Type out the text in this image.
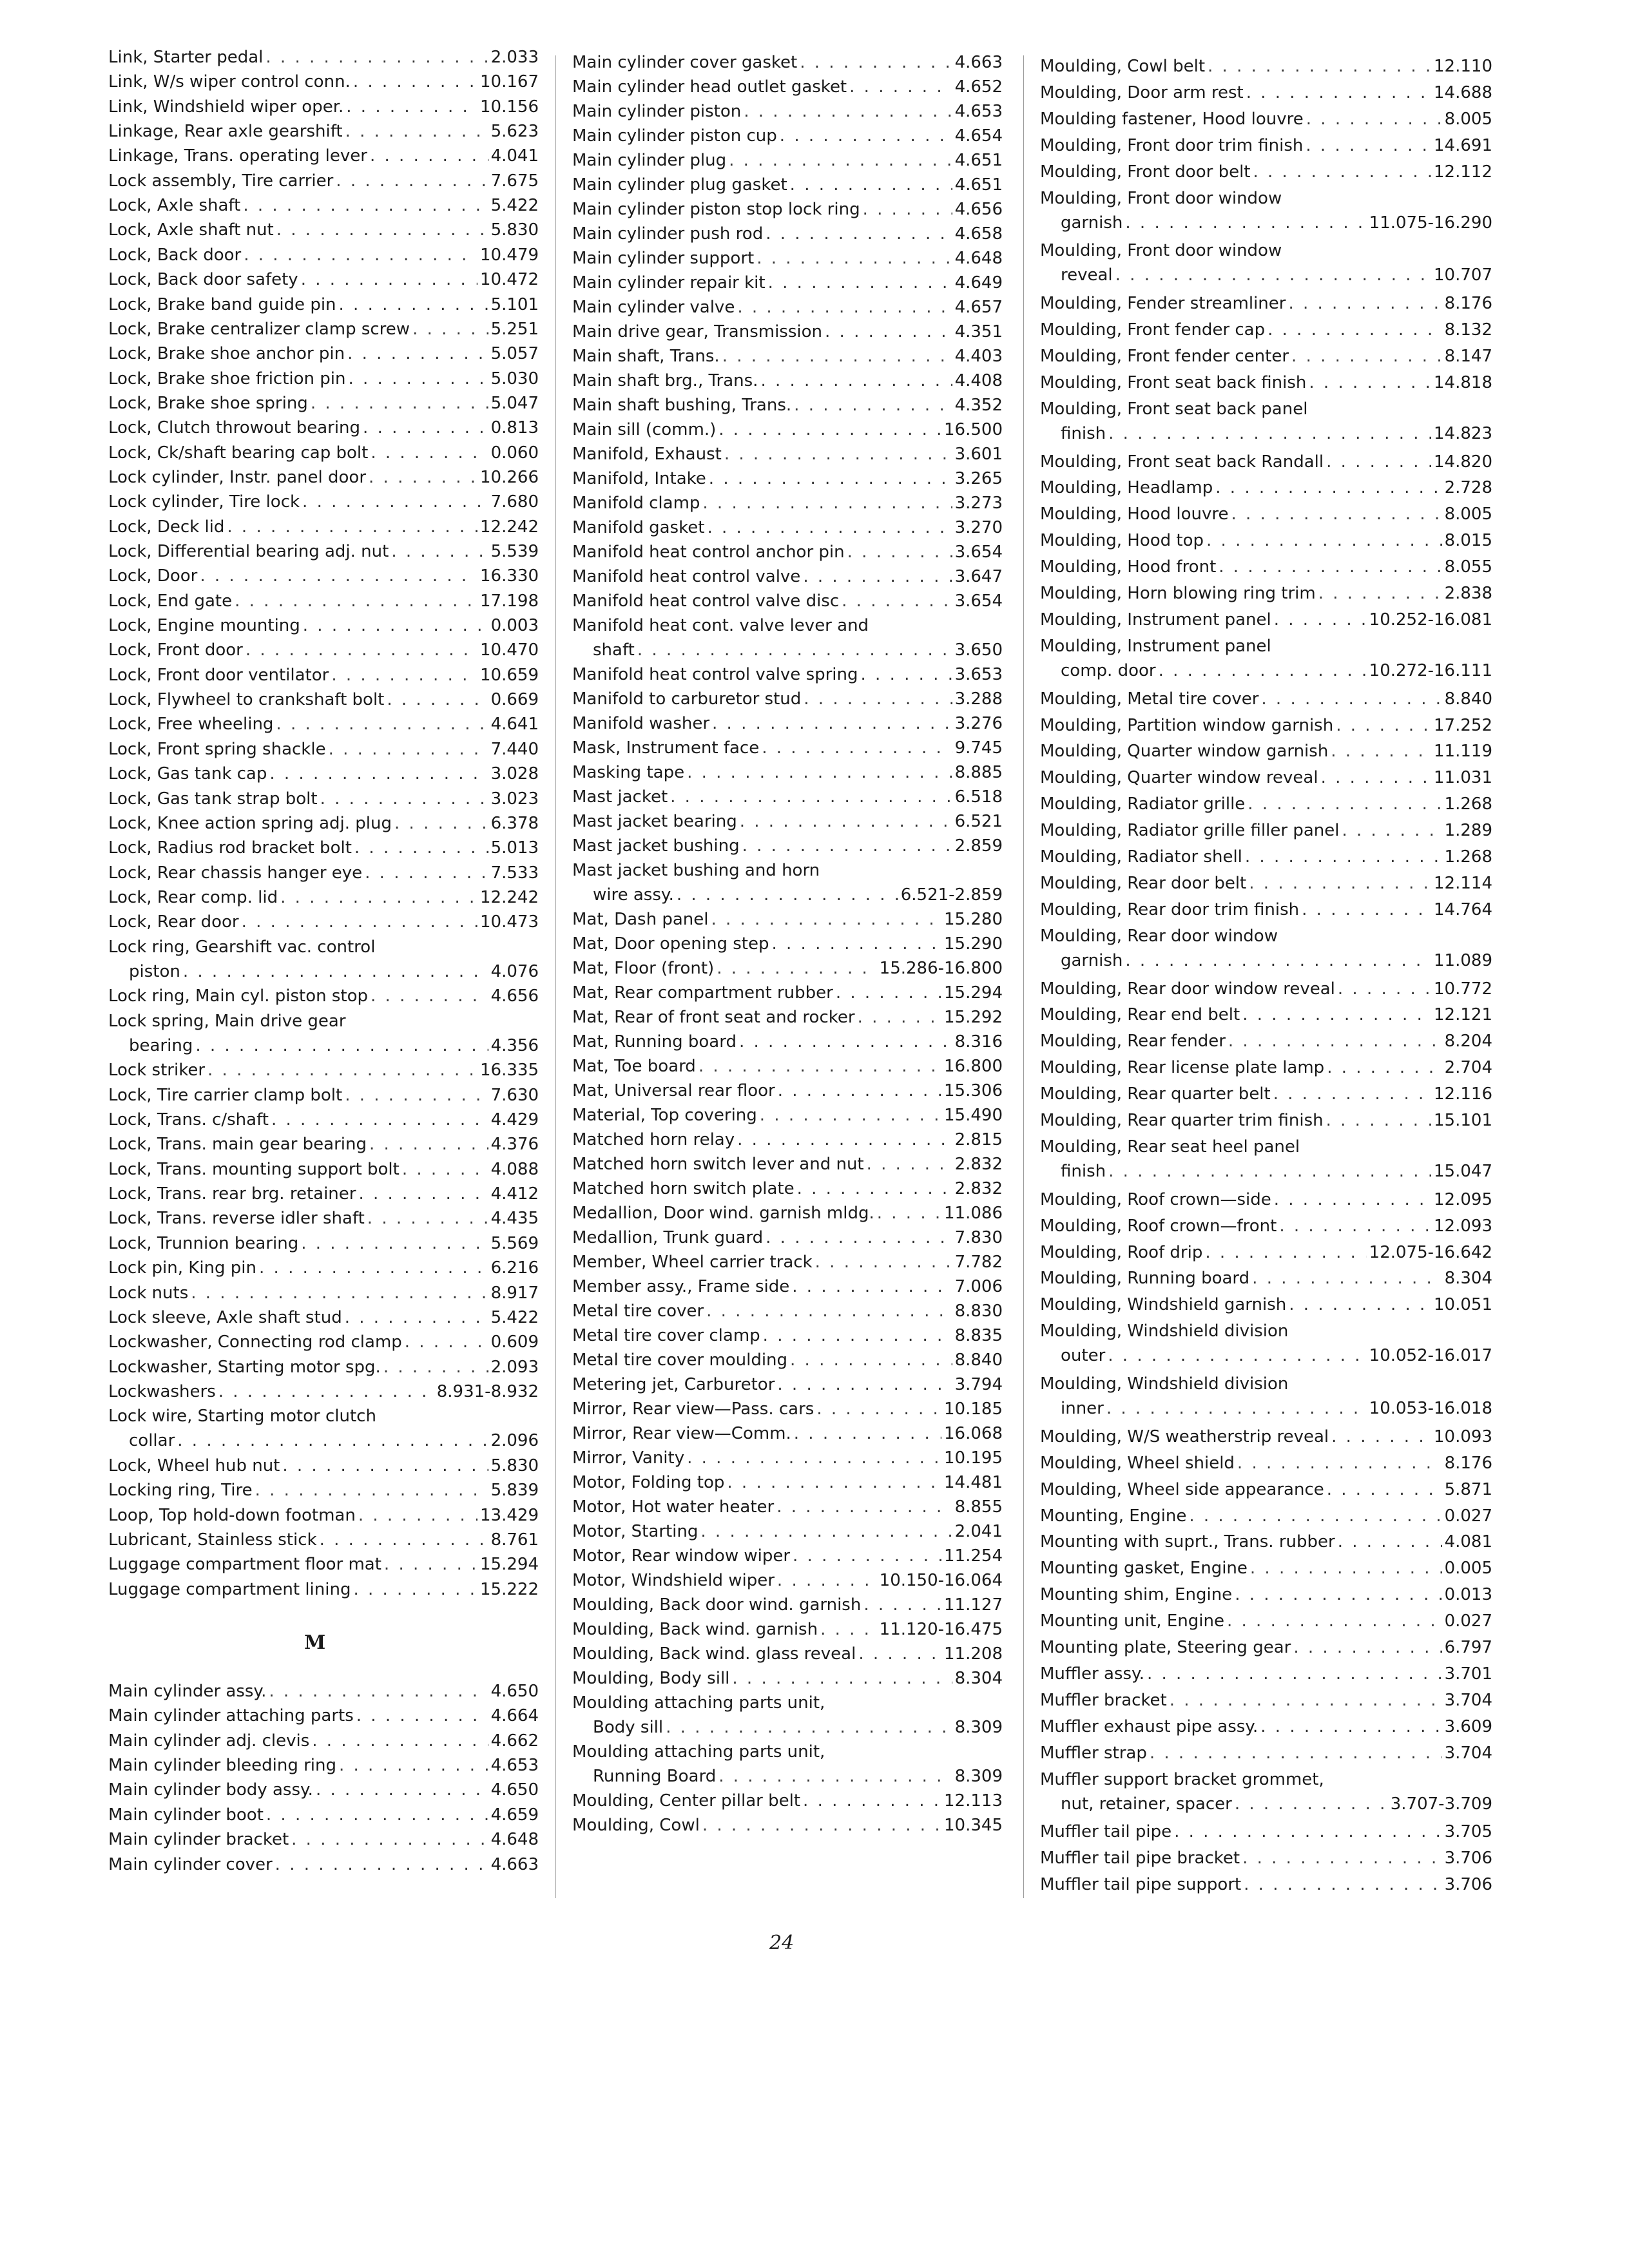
Link, Starter pedal . . .	2.033
Link, W/s wiper control conn. . . .	10.167
Link, Windshield wiper oper. . . .	10.156
Linkage, Rear axle gearshift . . .	5.623
Linkage, Trans. operating lever . . .	4.041
Lock assembly, Tire carrier . . .	7.675
Lock, Axle shaft . . .	5.422
Lock, Axle shaft nut . . .	5.830
Lock, Back door . . .	10.479
Lock, Back door safety . . .	10.472
Lock, Brake band guide pin . . .	5.101
Lock, Brake centralizer clamp screw . . .	5.251
Lock, Brake shoe anchor pin . . .	5.057
Lock, Brake shoe friction pin . . .	5.030
Lock, Brake shoe spring . . .	5.047
Lock, Clutch throwout bearing . . .	0.813
Lock, Ck/shaft bearing cap bolt . . .	0.060
Lock cylinder, Instr. panel door . . .	10.266
Lock cylinder, Tire lock . . .	7.680
Lock, Deck lid . . .	12.242
Lock, Differential bearing adj. nut . . .	5.539
Lock, Door . . .	16.330
Lock, End gate . . .	17.198
Lock, Engine mounting . . .	0.003
Lock, Front door . . .	10.470
Lock, Front door ventilator . . .	10.659
Lock, Flywheel to crankshaft bolt . . .	0.669
Lock, Free wheeling . . .	4.641
Lock, Front spring shackle . . .	7.440
Lock, Gas tank cap . . .	3.028
Lock, Gas tank strap bolt . . .	3.023
Lock, Knee action spring adj. plug . . .	6.378
Lock, Radius rod bracket bolt . . .	5.013
Lock, Rear chassis hanger eye . . .	7.533
Lock, Rear comp. lid . . .	12.242
Lock, Rear door . . .	10.473
Lock ring, Gearshift vac. control
piston . . .	4.076
Lock ring, Main cyl. piston stop . . .	4.656
Lock spring, Main drive gear
bearing . . .	4.356
Lock striker . . .	16.335
Lock, Tire carrier clamp bolt . . .	7.630
Lock, Trans. c/shaft . . .	4.429
Lock, Trans. main gear bearing . . .	4.376
Lock, Trans. mounting support bolt . . .	4.088
Lock, Trans. rear brg. retainer . . .	4.412
Lock, Trans. reverse idler shaft . . .	4.435
Lock, Trunnion bearing . . .	5.569
Lock pin, King pin . . .	6.216
Lock nuts . . .	8.917
Lock sleeve, Axle shaft stud . . .	5.422
Lockwasher, Connecting rod clamp . . .	0.609
Lockwasher, Starting motor spg. . . .	2.093
Lockwashers . . .	8.931-8.932
Lock wire, Starting motor clutch
collar . . .	2.096
Lock, Wheel hub nut . . .	5.830
Locking ring, Tire . . .	5.839
Loop, Top hold-down footman . . .	13.429
Lubricant, Stainless stick . . .	8.761
Luggage compartment floor mat . . .	15.294
Luggage compartment lining . . .	15.222
Main cylinder assy. . . .	4.650
Main cylinder attaching parts . . .	4.664
Main cylinder adj. clevis . . .	4.662
Main cylinder bleeding ring . . .	4.653
Main cylinder body assy. . . .	4.650
Main cylinder boot . . .	4.659
Main cylinder bracket . . .	4.648
Main cylinder cover . . .	4.663
Main cylinder cover gasket . . .	4.663
Main cylinder head outlet gasket . . .	4.652
Main cylinder piston . . .	4.653
Main cylinder piston cup . . .	4.654
Main cylinder plug . . .	4.651
Main cylinder plug gasket . . .	4.651
Main cylinder piston stop lock ring . . .	4.656
Main cylinder push rod . . .	4.658
Main cylinder support . . .	4.648
Main cylinder repair kit . . .	4.649
Main cylinder valve . . .	4.657
Main drive gear, Transmission . . .	4.351
Main shaft, Trans. . . .	4.403
Main shaft brg., Trans. . . .	4.408
Main shaft bushing, Trans. . . .	4.352
Main sill (comm.) . . .	16.500
Manifold, Exhaust . . .	3.601
Manifold, Intake . . .	3.265
Manifold clamp . . .	3.273
Manifold gasket . . .	3.270
Manifold heat control anchor pin . . .	3.654
Manifold heat control valve . . .	3.647
Manifold heat control valve disc . . .	3.654
Manifold heat cont. valve lever and
shaft . . .	3.650
Manifold heat control valve spring . . .	3.653
Manifold to carburetor stud . . .	3.288
Manifold washer . . .	3.276
Mask, Instrument face . . .	9.745
Masking tape . . .	8.885
Mast jacket . . .	6.518
Mast jacket bearing . . .	6.521
Mast jacket bushing . . .	2.859
Mast jacket bushing and horn
wire assy. . . .	6.521-2.859
Mat, Dash panel . . .	15.280
Mat, Door opening step . . .	15.290
Mat, Floor (front) . . .	15.286-16.800
Mat, Rear compartment rubber . . .	15.294
Mat, Rear of front seat and rocker . . .	15.292
Mat, Running board . . .	8.316
Mat, Toe board . . .	16.800
Mat, Universal rear floor . . .	15.306
Material, Top covering . . .	15.490
Matched horn relay . . .	2.815
Matched horn switch lever and nut . . .	2.832
Matched horn switch plate . . .	2.832
Medallion, Door wind. garnish mldg. . . .	11.086
Medallion, Trunk guard . . .	7.830
Member, Wheel carrier track . . .	7.782
Member assy., Frame side . . .	7.006
Metal tire cover . . .	8.830
Metal tire cover clamp . . .	8.835
Metal tire cover moulding . . .	8.840
Metering jet, Carburetor . . .	3.794
Mirror, Rear view—Pass. cars . . .	10.185
Mirror, Rear view—Comm. . . .	16.068
Mirror, Vanity . . .	10.195
Motor, Folding top . . .	14.481
Motor, Hot water heater . . .	8.855
Motor, Starting . . .	2.041
Motor, Rear window wiper . . .	11.254
Motor, Windshield wiper . . .	10.150-16.064
Moulding, Back door wind. garnish . . .	11.127
Moulding, Back wind. garnish . . .	11.120-16.475
Moulding, Back wind. glass reveal . . .	11.208
Moulding, Body sill . . .	8.304
Moulding attaching parts unit,
Body sill . . .	8.309
Moulding attaching parts unit,
Running Board . . .	8.309
Moulding, Center pillar belt . . .	12.113
Moulding, Cowl . . .	10.345
Moulding, Cowl belt . . .	12.110
Moulding, Door arm rest . . .	14.688
Moulding fastener, Hood louvre . . .	8.005
Moulding, Front door trim finish . . .	14.691
Moulding, Front door belt . . .	12.112
Moulding, Front door window
garnish . . .	11.075-16.290
Moulding, Front door window
reveal . . .	10.707
Moulding, Fender streamliner . . .	8.176
Moulding, Front fender cap . . .	8.132
Moulding, Front fender center . . .	8.147
Moulding, Front seat back finish . . .	14.818
Moulding, Front seat back panel
finish . . .	14.823
Moulding, Front seat back Randall . . .	14.820
Moulding, Headlamp . . .	2.728
Moulding, Hood louvre . . .	8.005
Moulding, Hood top . . .	8.015
Moulding, Hood front . . .	8.055
Moulding, Horn blowing ring trim . . .	2.838
Moulding, Instrument panel . . .	10.252-16.081
Moulding, Instrument panel
comp. door . . .	10.272-16.111
Moulding, Metal tire cover . . .	8.840
Moulding, Partition window garnish . . .	17.252
Moulding, Quarter window garnish . . .	11.119
Moulding, Quarter window reveal . . .	11.031
Moulding, Radiator grille . . .	1.268
Moulding, Radiator grille filler panel . . .	1.289
Moulding, Radiator shell . . .	1.268
Moulding, Rear door belt . . .	12.114
Moulding, Rear door trim finish . . .	14.764
Moulding, Rear door window
garnish . . .	11.089
Moulding, Rear door window reveal . . .	10.772
Moulding, Rear end belt . . .	12.121
Moulding, Rear fender . . .	8.204
Moulding, Rear license plate lamp . . .	2.704
Moulding, Rear quarter belt . . .	12.116
Moulding, Rear quarter trim finish . . .	15.101
Moulding, Rear seat heel panel
finish . . .	15.047
Moulding, Roof crown—side . . .	12.095
Moulding, Roof crown—front . . .	12.093
Moulding, Roof drip . . .	12.075-16.642
Moulding, Running board . . .	8.304
Moulding, Windshield garnish . . .	10.051
Moulding, Windshield division
outer . . .	10.052-16.017
Moulding, Windshield division
inner . . .	10.053-16.018
Moulding, W/S weatherstrip reveal . . .	10.093
Moulding, Wheel shield . . .	8.176
Moulding, Wheel side appearance . . .	5.871
Mounting, Engine . . .	0.027
Mounting with suprt., Trans. rubber . . .	4.081
Mounting gasket, Engine . . .	0.005
Mounting shim, Engine . . .	0.013
Mounting unit, Engine . . .	0.027
Mounting plate, Steering gear . . .	6.797
Muffler assy. . . .	3.701
Muffler bracket . . .	3.704
Muffler exhaust pipe assy. . . .	3.609
Muffler strap . . .	3.704
Muffler support bracket grommet,
nut, retainer, spacer . . .	3.707-3.709
Muffler tail pipe . . .	3.705
Muffler tail pipe bracket . . .	3.706
Muffler tail pipe support . . .	3.706
M
24
